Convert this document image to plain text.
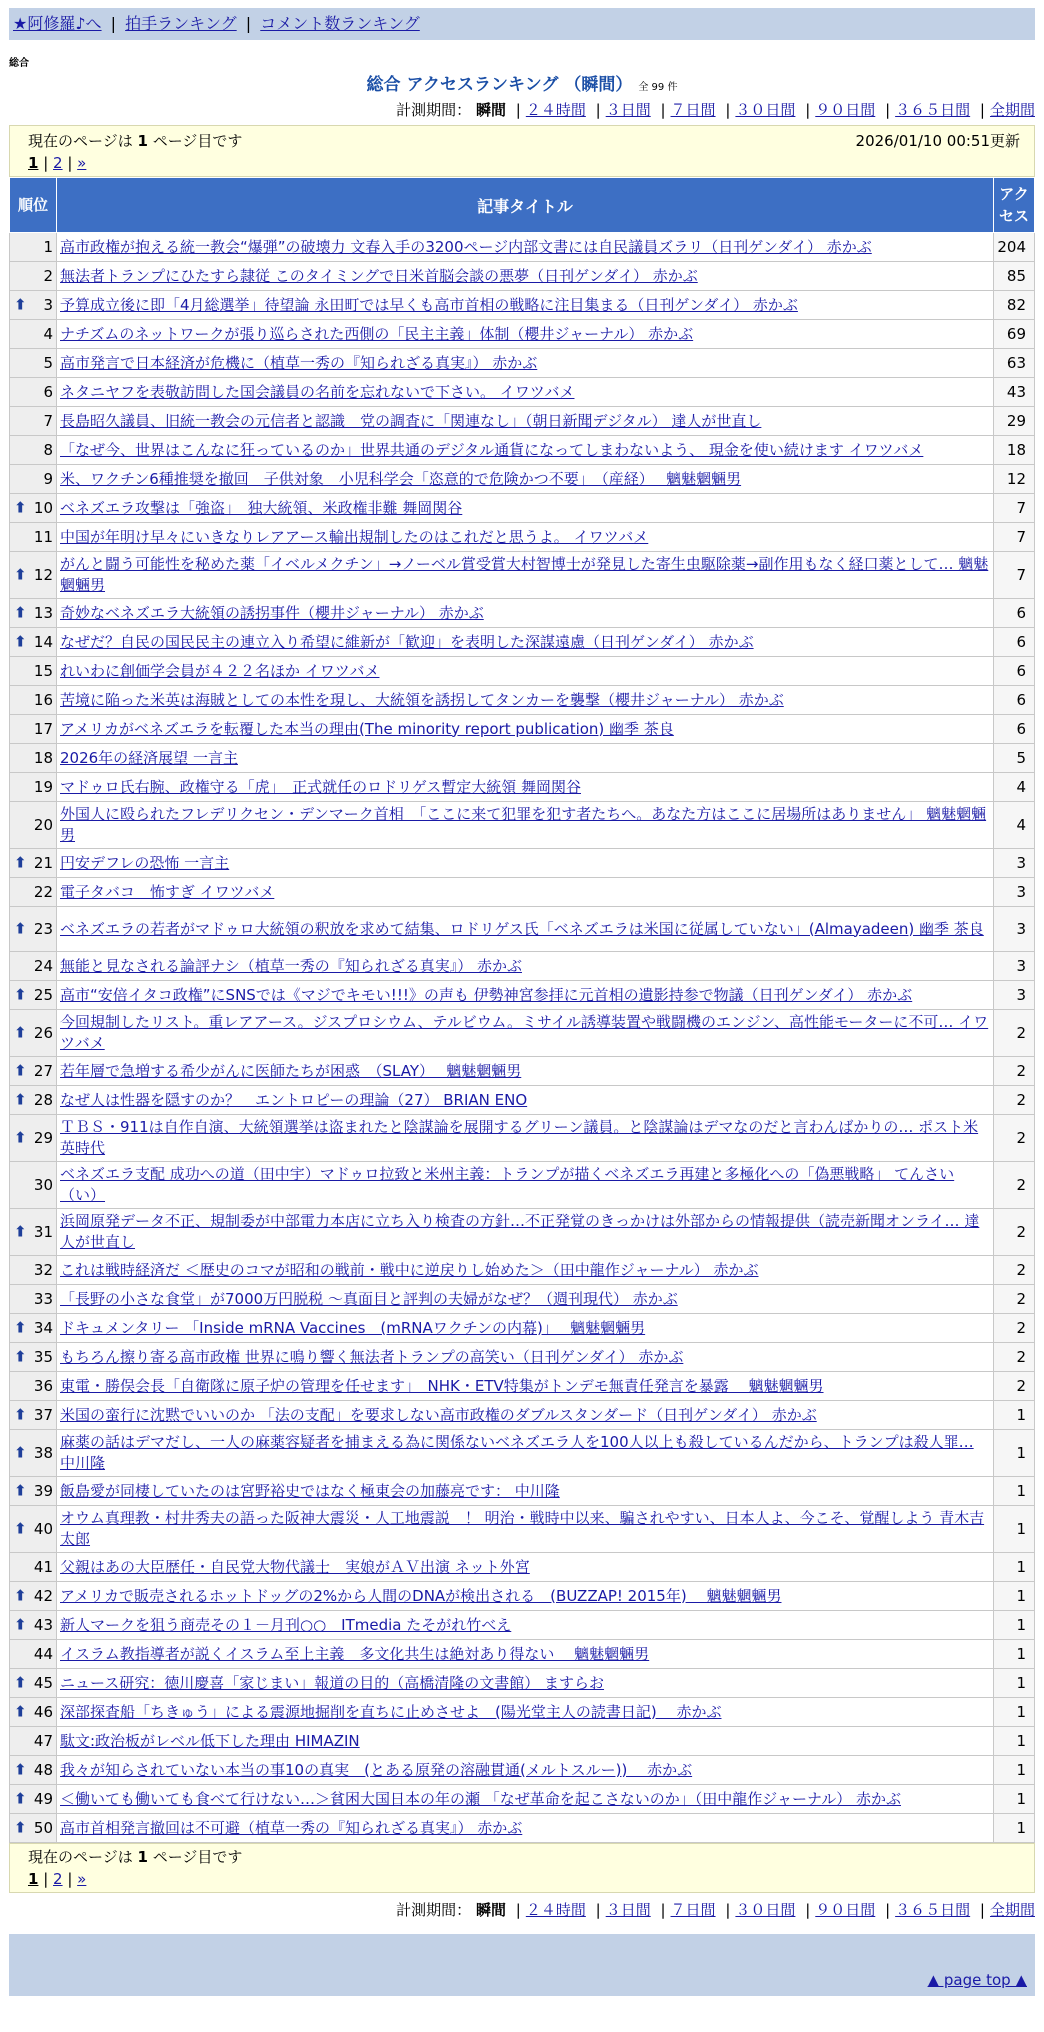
★阿修羅♪へ | 拍手ランキング | コメント数ランキング
総合
総合 アクセスランキング （瞬間） 全 99 件
計測期間： 瞬間 | ２４時間 | ３日間 | ７日間 | ３０日間 | ９０日間 | ３６５日間 | 全期間
現在のページは 1 ページ目です	2026/01/10 00:51更新
1 | 2 | »
順位	記事タイトル	アクセス
1	高市政権が抱える統一教会“爆弾”の破壊力 文春入手の3200ページ内部文書には自民議員ズラリ（日刊ゲンダイ） 赤かぶ	204
2	無法者トランプにひたすら隷従 このタイミングで日米首脳会談の悪夢（日刊ゲンダイ） 赤かぶ	85

⬆ 3	予算成立後に即「4月総選挙」待望論 永田町では早くも高市首相の戦略に注目集まる（日刊ゲンダイ） 赤かぶ	82
4	ナチズムのネットワークが張り巡らされた西側の「民主主義」体制（櫻井ジャーナル） 赤かぶ	69
5	高市発言で日本経済が危機に（植草一秀の『知られざる真実』） 赤かぶ	63
6	ネタニヤフを表敬訪問した国会議員の名前を忘れないで下さい。 イワツバメ	43
7	長島昭久議員、旧統一教会の元信者と認識　党の調査に「関連なし」（朝日新聞デジタル） 達人が世直し	29
8	「なぜ今、世界はこんなに狂っているのか」世界共通のデジタル通貨になってしまわないよう、 現金を使い続けます イワツバメ	18
9	米、ワクチン6種推奨を撤回　子供対象　小児科学会「恣意的で危険かつ不要」　（産経）　 魑魅魍魎男	12

⬆ 10	ベネズエラ攻撃は「強盗」　独大統領、米政権非難 舞岡関谷	7
11	中国が年明け早々にいきなりレアアース輸出規制したのはこれだと思うよ。 イワツバメ	7

⬆ 12	がんと闘う可能性を秘めた薬「イベルメクチン」→ノーベル賞受賞大村智博士が発見した寄生虫駆除薬→副作用もなく経口薬として… 魑魅魍魎男	7

⬆ 13	奇妙なベネズエラ大統領の誘拐事件（櫻井ジャーナル） 赤かぶ	6

⬆ 14	なぜだ？自民の国民民主の連立入り希望に維新が「歓迎」を表明した深謀遠慮（日刊ゲンダイ） 赤かぶ	6
15	れいわに創価学会員が４２２名ほか イワツバメ	6
16	苦境に陥った米英は海賊としての本性を現し、大統領を誘拐してタンカーを襲撃（櫻井ジャーナル） 赤かぶ	6
17	アメリカがベネズエラを転覆した本当の理由(The minority report publication) 幽季 茶良	6
18	2026年の経済展望 一言主	5
19	マドゥロ氏右腕、政権守る「虎」　正式就任のロドリゲス暫定大統領 舞岡関谷	4
20	外国人に殴られたフレデリクセン・デンマーク首相　「ここに来て犯罪を犯す者たちへ。あなた方はここに居場所はありません」 魑魅魍魎男	4

⬆ 21	円安デフレの恐怖 一言主	3
22	電子タバコ　怖すぎ イワツバメ	3

⬆ 23	ベネズエラの若者がマドゥロ大統領の釈放を求めて結集、ロドリゲス氏「ベネズエラは米国に従属していない」(Almayadeen) 幽季 茶良	3
24	無能と見なされる論評ナシ（植草一秀の『知られざる真実』） 赤かぶ	3

⬆ 25	高市“安倍イタコ政権”にSNSでは《マジでキモい!!!》の声も 伊勢神宮参拝に元首相の遺影持参で物議（日刊ゲンダイ） 赤かぶ	3

⬆ 26	今回規制したリスト。重レアアース。ジスプロシウム、テルビウム。ミサイル誘導装置や戦闘機のエンジン、高性能モーターに不可… イワツバメ	2

⬆ 27	若年層で急増する希少がんに医師たちが困惑　（SLAY）　 魑魅魍魎男	2

⬆ 28	なぜ人は性器を隠すのか？　エントロピーの理論（27） BRIAN ENO	2

⬆ 29	ＴＢＳ・911は自作自演、大統領選挙は盗まれたと陰謀論を展開するグリーン議員。と陰謀論はデマなのだと言わんばかりの… ポスト米英時代	2
30	ベネズエラ支配 成功への道（田中宇）マドゥロ拉致と米州主義：トランプが描くベネズエラ再建と多極化への「偽悪戦略」 てんさい（い）	2

⬆ 31	浜岡原発データ不正、規制委が中部電力本店に立ち入り検査の方針…不正発覚のきっかけは外部からの情報提供（読売新聞オンライ… 達人が世直し	2
32	これは戦時経済だ ＜歴史のコマが昭和の戦前・戦中に逆戻りし始めた＞（田中龍作ジャーナル） 赤かぶ	2
33	「長野の小さな食堂」が7000万円脱税 〜真面目と評判の夫婦がなぜ？（週刊現代） 赤かぶ	2

⬆ 34	ドキュメンタリー 「Inside mRNA Vaccines　(mRNAワクチンの内幕)」　 魑魅魍魎男	2

⬆ 35	もちろん擦り寄る高市政権 世界に鳴り響く無法者トランプの高笑い（日刊ゲンダイ） 赤かぶ	2
36	東電・勝俣会長「自衛隊に原子炉の管理を任せます」　NHK・ETV特集がトンデモ無責任発言を暴露　 魑魅魍魎男	2

⬆ 37	米国の蛮行に沈黙でいいのか 「法の支配」を要求しない高市政権のダブルスタンダード（日刊ゲンダイ） 赤かぶ	1

⬆ 38	麻薬の話はデマだし、一人の麻薬容疑者を捕まえる為に関係ないベネズエラ人を100人以上も殺しているんだから、トランプは殺人罪… 中川隆	1

⬆ 39	飯島愛が同棲していたのは宮野裕史ではなく極東会の加藤亮です： 中川隆	1

⬆ 40	オウム真理教・村井秀夫の語った阪神大震災・人工地震説　！ 明治・戦時中以来、騙されやすい、日本人よ、今こそ、覚醒しよう 青木吉太郎	1
41	父親はあの大臣歴任・自民党大物代議士　実娘がＡＶ出演 ネット外宮	1

⬆ 42	アメリカで販売されるホットドッグの2%から人間のDNAが検出される　(BUZZAP! 2015年)　 魑魅魍魎男	1

⬆ 43	新人マークを狙う商売その１－月刊○○　ITmedia たそがれ竹べえ	1
44	イスラム教指導者が説くイスラム至上主義　多文化共生は絶対あり得ない　 魑魅魍魎男	1

⬆ 45	ニュース研究：徳川慶喜「家じまい」報道の目的（高橋清隆の文書館） ますらお	1

⬆ 46	深部探査船「ちきゅう」による震源地掘削を直ちに止めさせよ　(陽光堂主人の読書日記)　 赤かぶ	1
47	駄文:政治板がレベル低下した理由 HIMAZIN	1

⬆ 48	我々が知らされていない本当の事10の真実　(とある原発の溶融貫通(メルトスルー))　 赤かぶ	1

⬆ 49	＜働いても働いても食べて行けない…＞貧困大国日本の年の瀬 「なぜ革命を起こさないのか」（田中龍作ジャーナル） 赤かぶ	1

⬆ 50	高市首相発言撤回は不可避（植草一秀の『知られざる真実』） 赤かぶ	1
現在のページは 1 ページ目です
1 | 2 | »
計測期間： 瞬間 | ２４時間 | ３日間 | ７日間 | ３０日間 | ９０日間 | ３６５日間 | 全期間
▲ page top ▲
